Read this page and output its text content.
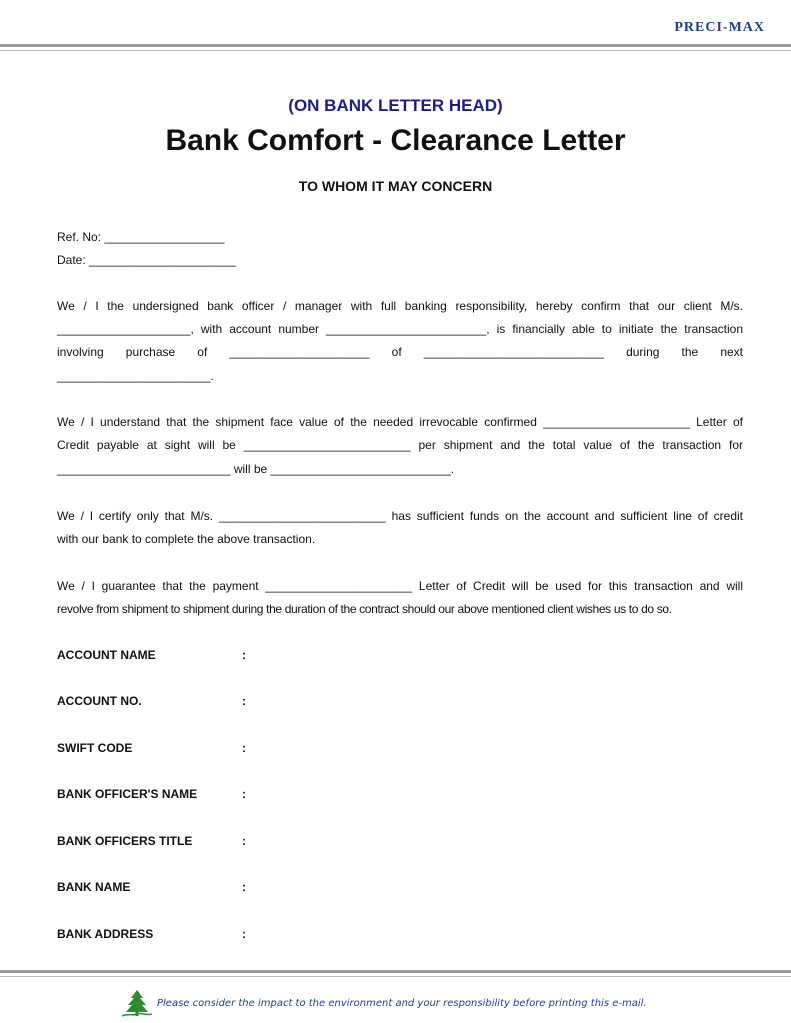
PRECI-MAX
(ON BANK LETTER HEAD)
Bank Comfort - Clearance Letter
TO WHOM IT MAY CONCERN
Ref. No: __________________
Date: ______________________
We / I the undersigned bank officer / manager with full banking responsibility, hereby confirm that our client M/s.
____________________, with account number ________________________, is financially able to initiate the transaction
involving purchase of _____________________ of ___________________________ during the next
_______________________.
We / I understand that the shipment face value of the needed irrevocable confirmed ______________________ Letter of
Credit payable at sight will be _________________________ per shipment and the total value of the transaction for
__________________________ will be ___________________________.
We / I certify only that M/s. _________________________ has sufficient funds on the account and sufficient line of credit
with our bank to complete the above transaction.
We / I guarantee that the payment ______________________ Letter of Credit will be used for this transaction and will
revolve from shipment to shipment during the duration of the contract should our above mentioned client wishes us to do so.
ACCOUNT NAME	:
ACCOUNT NO.	:
SWIFT CODE	:
BANK OFFICER'S NAME	:
BANK OFFICERS TITLE	:
BANK NAME	:
BANK ADDRESS	:
Please consider the impact to the environment and your responsibility before printing this e-mail.
